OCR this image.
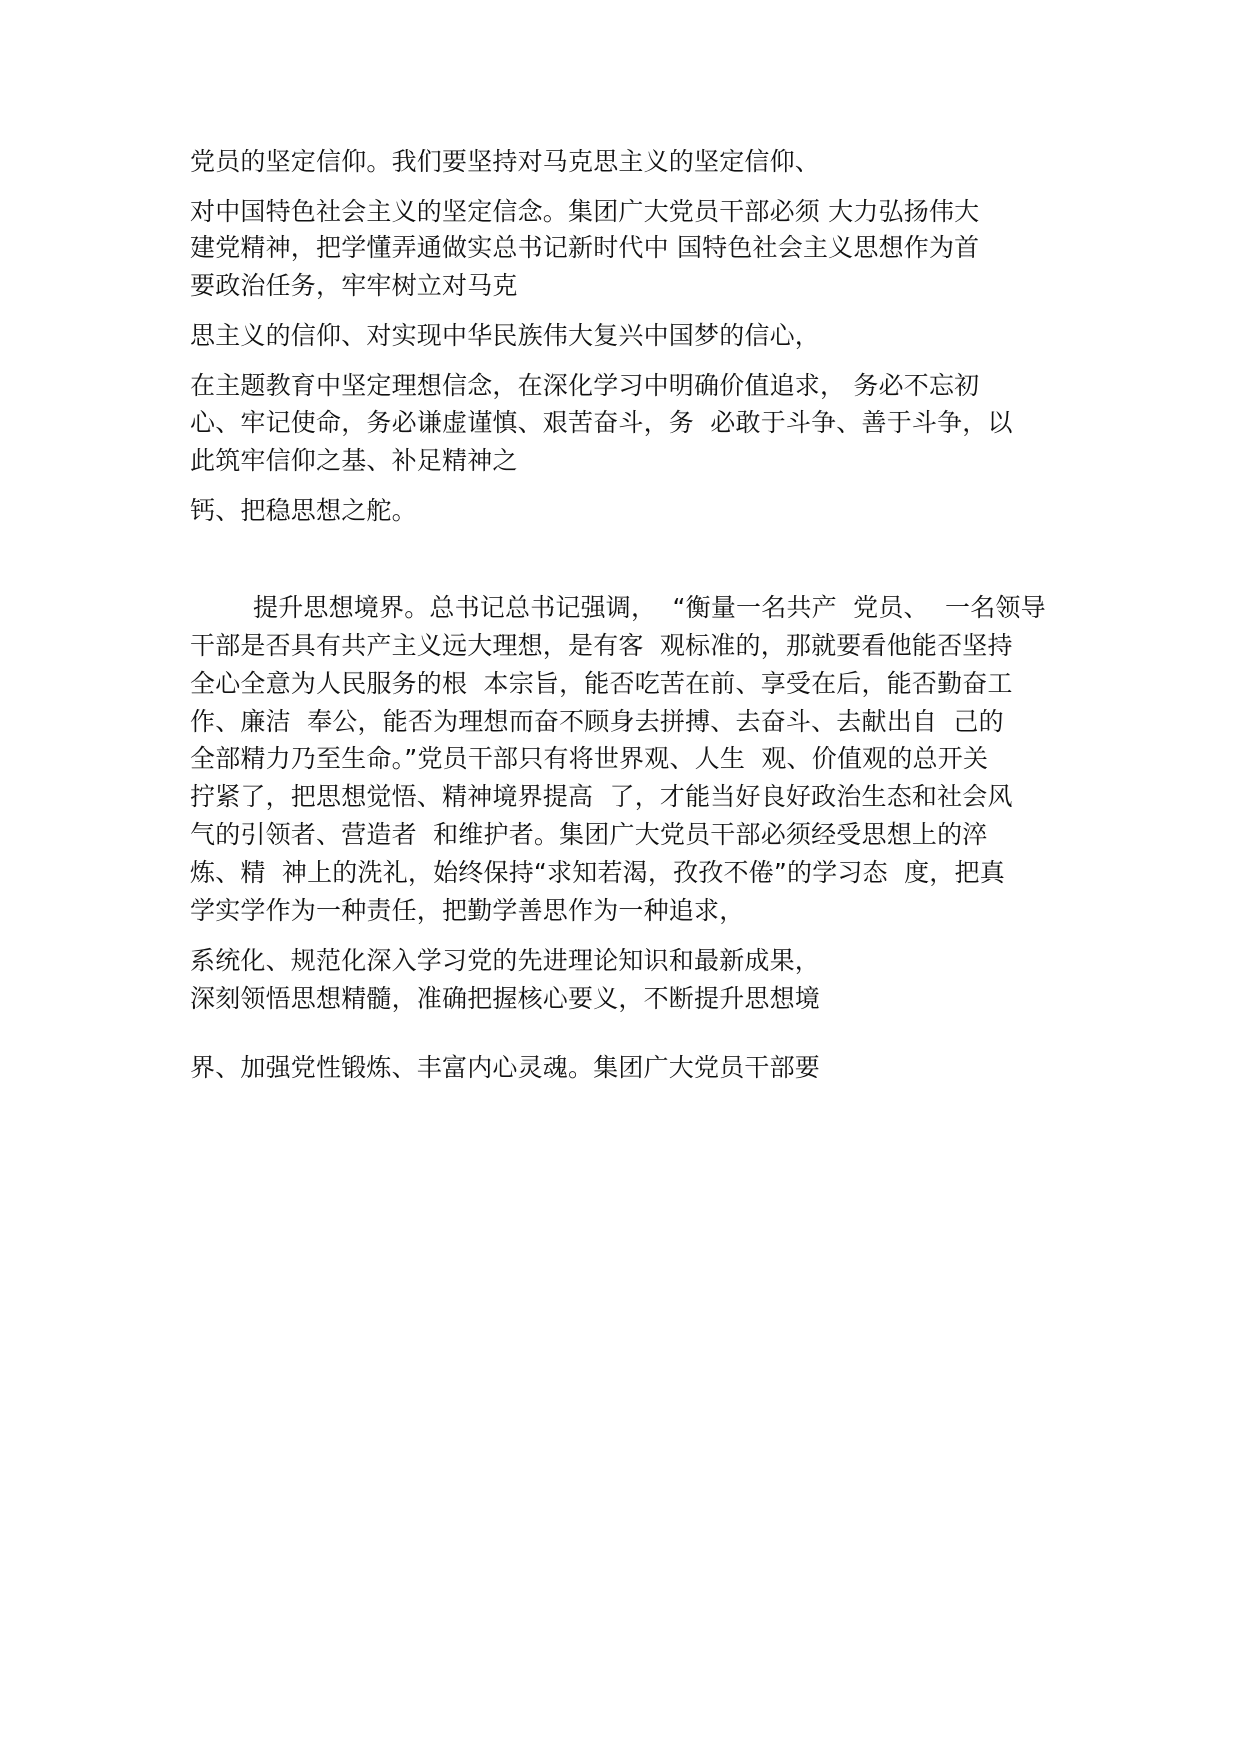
党员的坚定信仰。我们要坚持对马克思主义的坚定信仰、
对中国特色社会主义的坚定信念。集团广大党员干部必须 大力弘扬伟大
建党精神，把学懂弄通做实总书记新时代中 国特色社会主义思想作为首
要政治任务，牢牢树立对马克
思主义的信仰、对实现中华民族伟大复兴中国梦的信心，
在主题教育中坚定理想信念，在深化学习中明确价值追求， 务必不忘初
心、牢记使命，务必谦虚谨慎、艰苦奋斗，务  必敢于斗争、善于斗争，以
此筑牢信仰之基、补足精神之
钙、把稳思想之舵。
提升思想境界。总书记总书记强调，  “衡量一名共产  党员、  一名领导
干部是否具有共产主义远大理想，是有客  观标准的，那就要看他能否坚持
全心全意为人民服务的根  本宗旨，能否吃苦在前、享受在后，能否勤奋工
作、廉洁  奉公，能否为理想而奋不顾身去拼搏、去奋斗、去献出自  己的
全部精力乃至生命。”党员干部只有将世界观、人生  观、价值观的总开关
拧紧了，把思想觉悟、精神境界提高  了，才能当好良好政治生态和社会风
气的引领者、营造者  和维护者。集团广大党员干部必须经受思想上的淬
炼、精  神上的洗礼，始终保持“求知若渴，孜孜不倦”的学习态  度，把真
学实学作为一种责任，把勤学善思作为一种追求，
系统化、规范化深入学习党的先进理论知识和最新成果，
深刻领悟思想精髓，准确把握核心要义，不断提升思想境
界、加强党性锻炼、丰富内心灵魂。集团广大党员干部要
